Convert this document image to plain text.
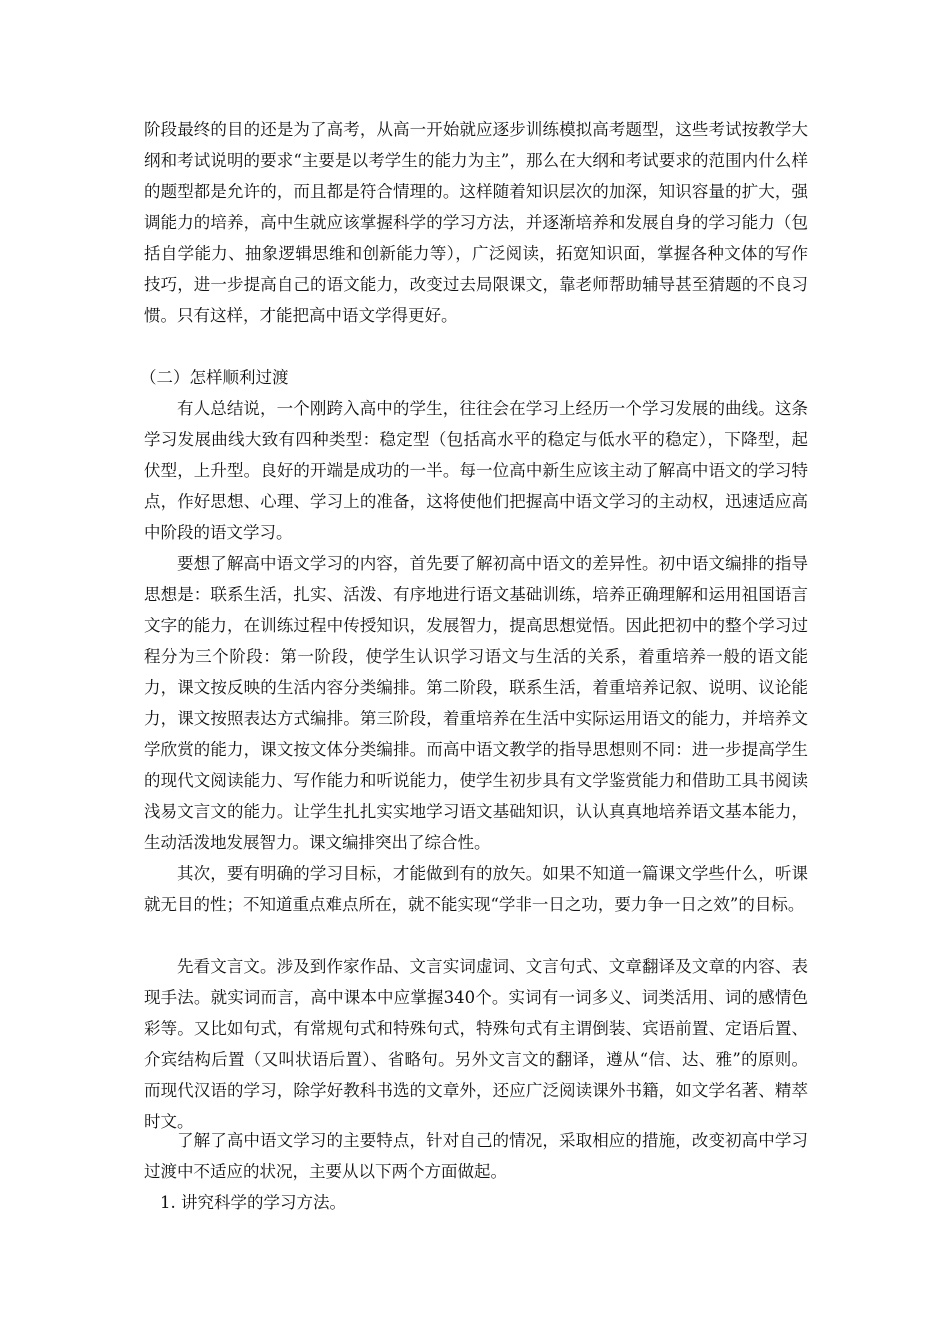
阶段最终的目的还是为了高考，从高一开始就应逐步训练模拟高考题型，这些考试按教学大纲和考试说明的要求“主要是以考学生的能力为主”，那么在大纲和考试要求的范围内什么样的题型都是允许的，而且都是符合情理的。这样随着知识层次的加深，知识容量的扩大，强调能力的培养，高中生就应该掌握科学的学习方法，并逐渐培养和发展自身的学习能力（包括自学能力、抽象逻辑思维和创新能力等），广泛阅读，拓宽知识面，掌握各种文体的写作技巧，进一步提高自己的语文能力，改变过去局限课文，靠老师帮助辅导甚至猜题的不良习惯。只有这样，才能把高中语文学得更好。

（二）怎样顺利过渡

有人总结说，一个刚跨入高中的学生，往往会在学习上经历一个学习发展的曲线。这条学习发展曲线大致有四种类型：稳定型（包括高水平的稳定与低水平的稳定），下降型，起伏型，上升型。良好的开端是成功的一半。每一位高中新生应该主动了解高中语文的学习特点，作好思想、心理、学习上的准备，这将使他们把握高中语文学习的主动权，迅速适应高中阶段的语文学习。

要想了解高中语文学习的内容，首先要了解初高中语文的差异性。初中语文编排的指导思想是：联系生活，扎实、活泼、有序地进行语文基础训练，培养正确理解和运用祖国语言文字的能力，在训练过程中传授知识，发展智力，提高思想觉悟。因此把初中的整个学习过程分为三个阶段：第一阶段，使学生认识学习语文与生活的关系，着重培养一般的语文能力，课文按反映的生活内容分类编排。第二阶段，联系生活，着重培养记叙、说明、议论能力，课文按照表达方式编排。第三阶段，着重培养在生活中实际运用语文的能力，并培养文学欣赏的能力，课文按文体分类编排。而高中语文教学的指导思想则不同：进一步提高学生的现代文阅读能力、写作能力和听说能力，使学生初步具有文学鉴赏能力和借助工具书阅读浅易文言文的能力。让学生扎扎实实地学习语文基础知识，认认真真地培养语文基本能力，生动活泼地发展智力。课文编排突出了综合性。

其次，要有明确的学习目标，才能做到有的放矢。如果不知道一篇课文学些什么，听课就无目的性；不知道重点难点所在，就不能实现“学非一日之功，要力争一日之效”的目标。

先看文言文。涉及到作家作品、文言实词虚词、文言句式、文章翻译及文章的内容、表现手法。就实词而言，高中课本中应掌握340个。实词有一词多义、词类活用、词的感情色彩等。又比如句式，有常规句式和特殊句式，特殊句式有主谓倒装、宾语前置、定语后置、介宾结构后置（又叫状语后置）、省略句。另外文言文的翻译，遵从“信、达、雅”的原则。而现代汉语的学习，除学好教科书选的文章外，还应广泛阅读课外书籍，如文学名著、精萃时文。

了解了高中语文学习的主要特点，针对自己的情况，采取相应的措施，改变初高中学习过渡中不适应的状况，主要从以下两个方面做起。

1. 讲究科学的学习方法。
